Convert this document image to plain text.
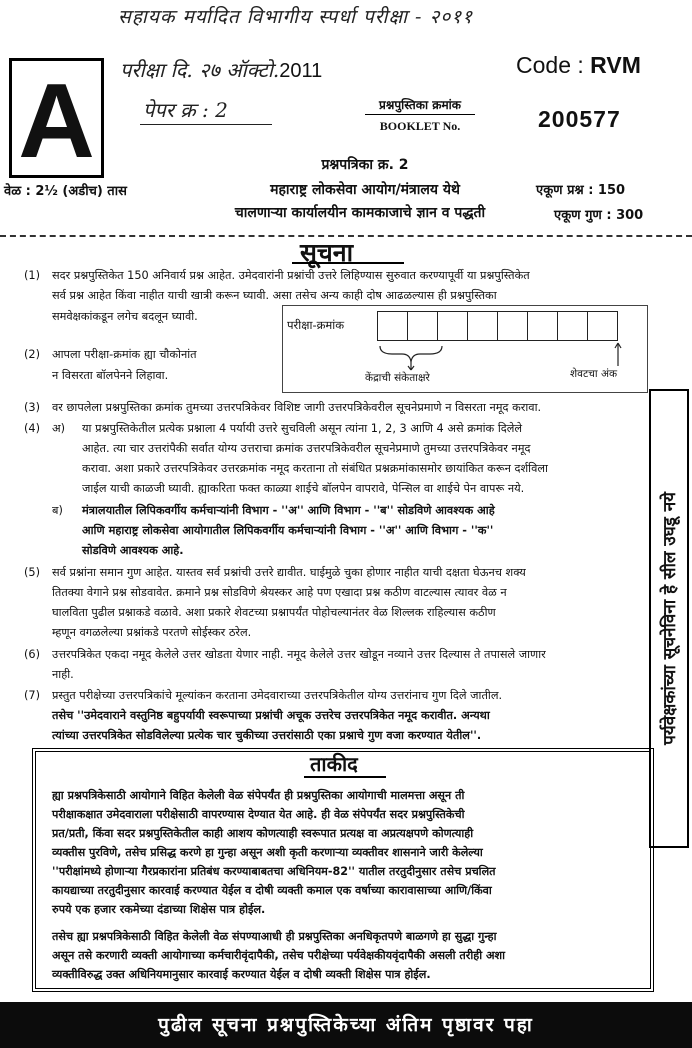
सहायक मर्यादित विभागीय स्पर्धा परीक्षा - २०११
A	परीक्षा दि. २७ ऑक्टो.2011	Code : RVM
पेपर क्र : 2	प्रश्नपुस्तिका क्रमांक
BOOKLET No.	200577
प्रश्नपत्रिका क्र. 2
महाराष्ट्र लोकसेवा आयोग/मंत्रालय येथे
चालणाऱ्या कार्यालयीन कामकाजाचे ज्ञान व पद्धती
वेळ : 2½ (अडीच) तास	एकूण प्रश्न : 150
एकूण गुण : 300
सूचना
(1) सदर प्रश्नपुस्तिकेत 150 अनिवार्य प्रश्न आहेत. उमेदवारांनी प्रश्नांची उत्तरे लिहिण्यास सुरुवात करण्यापूर्वी या प्रश्नपुस्तिकेत
सर्व प्रश्न आहेत किंवा नाहीत याची खात्री करून घ्यावी. असा तसेच अन्य काही दोष आढळल्यास ही प्रश्नपुस्तिका
समवेक्षकांकडून लगेच बदलून घ्यावी.
परीक्षा-क्रमांक
केंद्राची संकेताक्षरे	शेवटचा अंक
(2) आपला परीक्षा-क्रमांक ह्या चौकोनांत
न विसरता बॉलपेनने लिहावा.
(3) वर छापलेला प्रश्नपुस्तिका क्रमांक तुमच्या उत्तरपत्रिकेवर विशिष्ट जागी उत्तरपत्रिकेवरील सूचनेप्रमाणे न विसरता नमूद करावा.
(4) अ) या प्रश्नपुस्तिकेतील प्रत्येक प्रश्नाला 4 पर्यायी उत्तरे सुचविली असून त्यांना 1, 2, 3 आणि 4 असे क्रमांक दिलेले
आहेत. त्या चार उत्तरांपैकी सर्वात योग्य उत्तराचा क्रमांक उत्तरपत्रिकेवरील सूचनेप्रमाणे तुमच्या उत्तरपत्रिकेवर नमूद
करावा. अशा प्रकारे उत्तरपत्रिकेवर उत्तरक्रमांक नमूद करताना तो संबंधित प्रश्नक्रमांकासमोर छायांकित करून दर्शविला
जाईल याची काळजी घ्यावी. ह्याकरिता फक्त काळ्या शाईचे बॉलपेन वापरावे, पेन्सिल वा शाईचे पेन वापरू नये.
ब) मंत्रालयातील लिपिकवर्गीय कर्मचाऱ्यांनी विभाग - ''अ'' आणि विभाग - ''ब'' सोडविणे आवश्यक आहे
आणि महाराष्ट्र लोकसेवा आयोगातील लिपिकवर्गीय कर्मचाऱ्यांनी विभाग - ''अ'' आणि विभाग - ''क''
सोडविणे आवश्यक आहे.
(5) सर्व प्रश्नांना समान गुण आहेत. यास्तव सर्व प्रश्नांची उत्तरे द्यावीत. घाईमुळे चुका होणार नाहीत याची दक्षता घेऊनच शक्य
तितक्या वेगाने प्रश्न सोडवावेत. क्रमाने प्रश्न सोडविणे श्रेयस्कर आहे पण एखादा प्रश्न कठीण वाटल्यास त्यावर वेळ न
घालविता पुढील प्रश्नाकडे वळावे. अशा प्रकारे शेवटच्या प्रश्नापर्यंत पोहोचल्यानंतर वेळ शिल्लक राहिल्यास कठीण
म्हणून वगळलेल्या प्रश्नांकडे परतणे सोईस्कर ठरेल.
(6) उत्तरपत्रिकेत एकदा नमूद केलेले उत्तर खोडता येणार नाही. नमूद केलेले उत्तर खोडून नव्याने उत्तर दिल्यास ते तपासले जाणार
नाही.
(7) प्रस्तुत परीक्षेच्या उत्तरपत्रिकांचे मूल्यांकन करताना उमेदवाराच्या उत्तरपत्रिकेतील योग्य उत्तरांनाच गुण दिले जातील.
तसेच ''उमेदवाराने वस्तुनिष्ठ बहुपर्यायी स्वरूपाच्या प्रश्नांची अचूक उत्तरेच उत्तरपत्रिकेत नमूद करावीत. अन्यथा
त्यांच्या उत्तरपत्रिकेत सोडविलेल्या प्रत्येक चार चुकीच्या उत्तरांसाठी एका प्रश्नाचे गुण वजा करण्यात येतील''.	पर्यवेक्षकांच्या सूचनेविना हे सील उघडू नये
ताकीद
ह्या प्रश्नपत्रिकेसाठी आयोगाने विहित केलेली वेळ संपेपर्यंत ही प्रश्नपुस्तिका आयोगाची मालमत्ता असून ती
परीक्षाकक्षात उमेदवाराला परीक्षेसाठी वापरण्यास देण्यात येत आहे. ही वेळ संपेपर्यंत सदर प्रश्नपुस्तिकेची
प्रत/प्रती, किंवा सदर प्रश्नपुस्तिकेतील काही आशय कोणत्याही स्वरूपात प्रत्यक्ष वा अप्रत्यक्षपणे कोणत्याही
व्यक्तीस पुरविणे, तसेच प्रसिद्ध करणे हा गुन्हा असून अशी कृती करणाऱ्या व्यक्तीवर शासनाने जारी केलेल्या
''परीक्षांमध्ये होणाऱ्या गैरप्रकारांना प्रतिबंध करण्याबाबतचा अधिनियम-82'' यातील तरतुदीनुसार तसेच प्रचलित
कायद्याच्या तरतुदीनुसार कारवाई करण्यात येईल व दोषी व्यक्ती कमाल एक वर्षाच्या कारावासाच्या आणि/किंवा
रुपये एक हजार रकमेच्या दंडाच्या शिक्षेस पात्र होईल.
तसेच ह्या प्रश्नपत्रिकेसाठी विहित केलेली वेळ संपण्याआधी ही प्रश्नपुस्तिका अनधिकृतपणे बाळगणे हा सुद्धा गुन्हा
असून तसे करणारी व्यक्ती आयोगाच्या कर्मचारीवृंदापैकी, तसेच परीक्षेच्या पर्यवेक्षकीयवृंदापैकी असली तरीही अशा
व्यक्तीविरुद्ध उक्त अधिनियमानुसार कारवाई करण्यात येईल व दोषी व्यक्ती शिक्षेस पात्र होईल.
पुढील सूचना प्रश्नपुस्तिकेच्या अंतिम पृष्ठावर पहा
